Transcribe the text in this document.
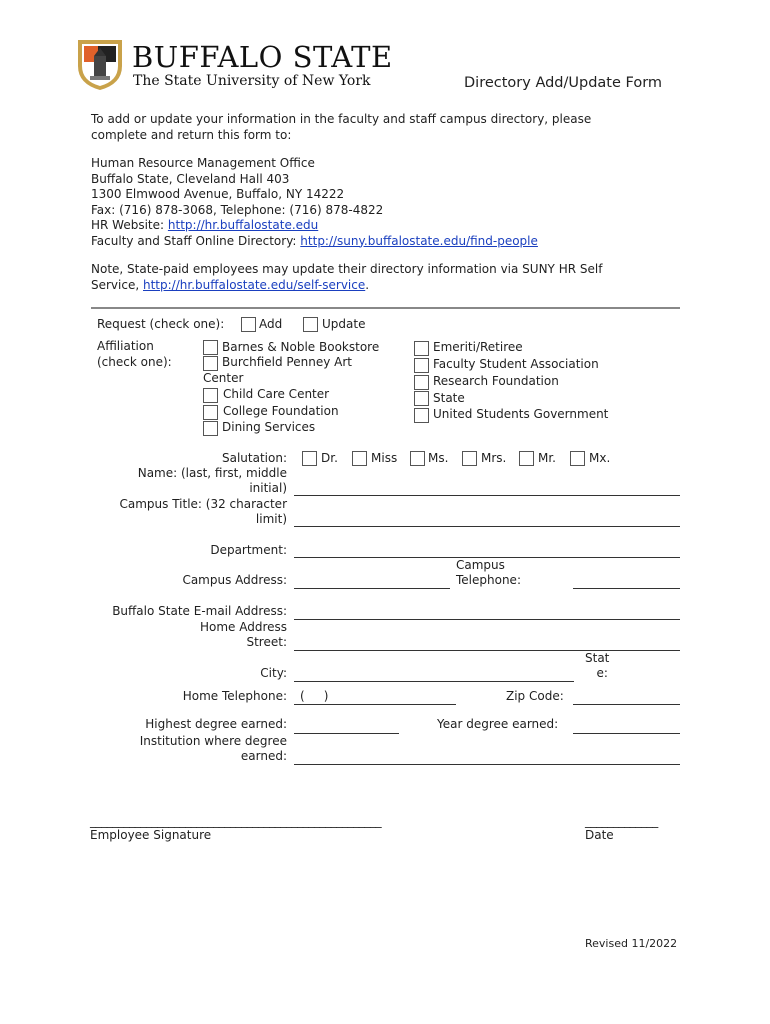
BUFFALO STATE
The State University of New York	Directory Add/Update Form
To add or update your information in the faculty and staff campus directory, please
complete and return this form to:
Human Resource Management Office
Buffalo State, Cleveland Hall 403
1300 Elmwood Avenue, Buffalo, NY 14222
Fax: (716) 878-3068, Telephone: (716) 878-4822
HR Website: http://hr.buffalostate.edu
Faculty and Staff Online Directory: http://suny.buffalostate.edu/find-people
Note, State-paid employees may update their directory information via SUNY HR Self
Service, http://hr.buffalostate.edu/self-service.
Request (check one):	Add	Update
Affiliation
(check one):
Barnes & Noble Bookstore
Burchfield Penney Art
Center
Child Care Center
College Foundation
Dining Services
Emeriti/Retiree
Faculty Student Association
Research Foundation
State
United Students Government
Salutation:	Dr.	Miss	Ms.	Mrs.	Mr.	Mx.
Name: (last, first, middle
initial)
Campus Title: (32 character
limit)
Department:
Campus Address:
Campus
Telephone:
Buffalo State E-mail Address:
Home Address
Street:
City:
Stat
e:
Home Telephone: (     )	Zip Code:
Highest degree earned:	Year degree earned:
Institution where degree
earned:
____________________________________________________
Employee Signature
_____________
Date
Revised 11/2022
